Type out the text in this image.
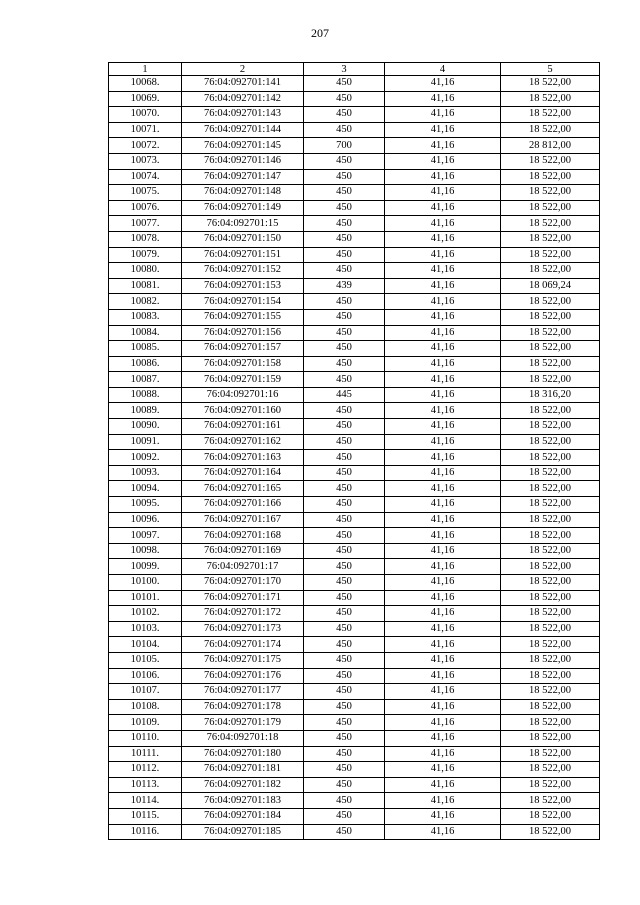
207
1	2	3	4	5
10068.	76:04:092701:141	450	41,16	18 522,00
10069.	76:04:092701:142	450	41,16	18 522,00
10070.	76:04:092701:143	450	41,16	18 522,00
10071.	76:04:092701:144	450	41,16	18 522,00
10072.	76:04:092701:145	700	41,16	28 812,00
10073.	76:04:092701:146	450	41,16	18 522,00
10074.	76:04:092701:147	450	41,16	18 522,00
10075.	76:04:092701:148	450	41,16	18 522,00
10076.	76:04:092701:149	450	41,16	18 522,00
10077.	76:04:092701:15	450	41,16	18 522,00
10078.	76:04:092701:150	450	41,16	18 522,00
10079.	76:04:092701:151	450	41,16	18 522,00
10080.	76:04:092701:152	450	41,16	18 522,00
10081.	76:04:092701:153	439	41,16	18 069,24
10082.	76:04:092701:154	450	41,16	18 522,00
10083.	76:04:092701:155	450	41,16	18 522,00
10084.	76:04:092701:156	450	41,16	18 522,00
10085.	76:04:092701:157	450	41,16	18 522,00
10086.	76:04:092701:158	450	41,16	18 522,00
10087.	76:04:092701:159	450	41,16	18 522,00
10088.	76:04:092701:16	445	41,16	18 316,20
10089.	76:04:092701:160	450	41,16	18 522,00
10090.	76:04:092701:161	450	41,16	18 522,00
10091.	76:04:092701:162	450	41,16	18 522,00
10092.	76:04:092701:163	450	41,16	18 522,00
10093.	76:04:092701:164	450	41,16	18 522,00
10094.	76:04:092701:165	450	41,16	18 522,00
10095.	76:04:092701:166	450	41,16	18 522,00
10096.	76:04:092701:167	450	41,16	18 522,00
10097.	76:04:092701:168	450	41,16	18 522,00
10098.	76:04:092701:169	450	41,16	18 522,00
10099.	76:04:092701:17	450	41,16	18 522,00
10100.	76:04:092701:170	450	41,16	18 522,00
10101.	76:04:092701:171	450	41,16	18 522,00
10102.	76:04:092701:172	450	41,16	18 522,00
10103.	76:04:092701:173	450	41,16	18 522,00
10104.	76:04:092701:174	450	41,16	18 522,00
10105.	76:04:092701:175	450	41,16	18 522,00
10106.	76:04:092701:176	450	41,16	18 522,00
10107.	76:04:092701:177	450	41,16	18 522,00
10108.	76:04:092701:178	450	41,16	18 522,00
10109.	76:04:092701:179	450	41,16	18 522,00
10110.	76:04:092701:18	450	41,16	18 522,00
10111.	76:04:092701:180	450	41,16	18 522,00
10112.	76:04:092701:181	450	41,16	18 522,00
10113.	76:04:092701:182	450	41,16	18 522,00
10114.	76:04:092701:183	450	41,16	18 522,00
10115.	76:04:092701:184	450	41,16	18 522,00
10116.	76:04:092701:185	450	41,16	18 522,00
